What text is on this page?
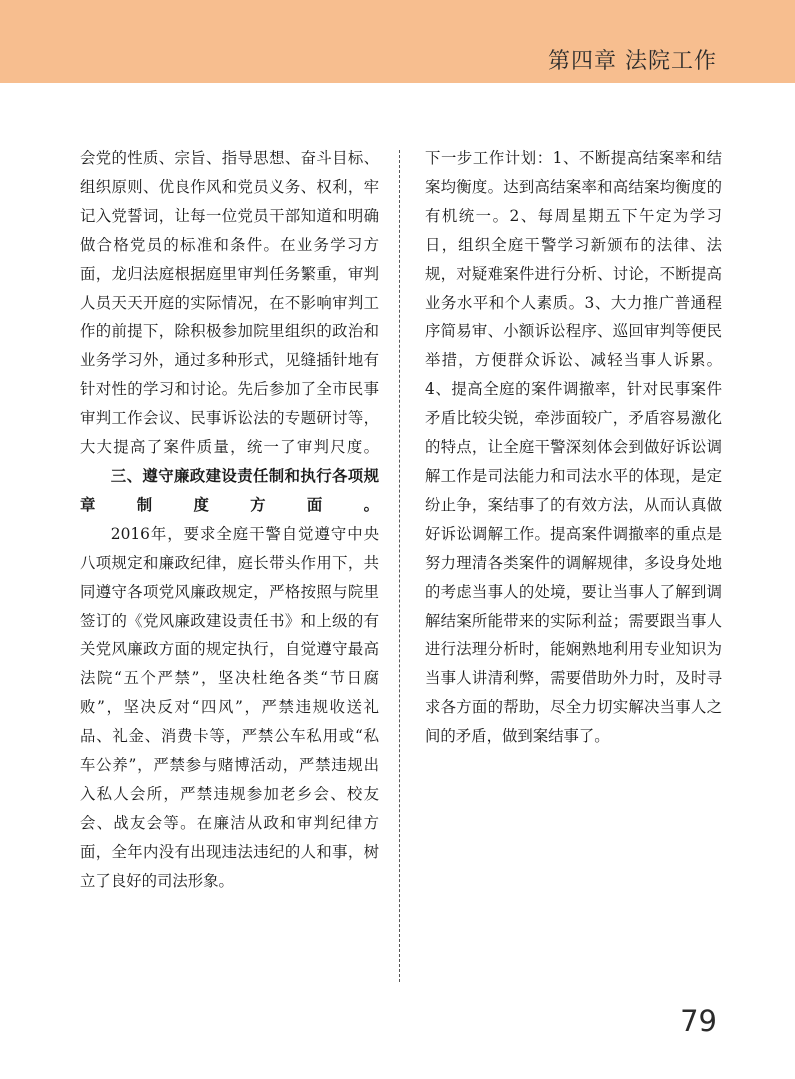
第四章 法院工作

会党的性质、宗旨、指导思想、奋斗目标、组织原则、优良作风和党员义务、权利，牢记入党誓词，让每一位党员干部知道和明确做合格党员的标准和条件。在业务学习方面，龙归法庭根据庭里审判任务繁重，审判人员天天开庭的实际情况，在不影响审判工作的前提下，除积极参加院里组织的政治和业务学习外，通过多种形式，见缝插针地有针对性的学习和讨论。先后参加了全市民事审判工作会议、民事诉讼法的专题研讨等，大大提高了案件质量，统一了审判尺度。

三、遵守廉政建设责任制和执行各项规章制度方面。

2016年，要求全庭干警自觉遵守中央八项规定和廉政纪律，庭长带头作用下，共同遵守各项党风廉政规定，严格按照与院里签订的《党风廉政建设责任书》和上级的有关党风廉政方面的规定执行，自觉遵守最高法院“五个严禁”，坚决杜绝各类“节日腐败”，坚决反对“四风”，严禁违规收送礼品、礼金、消费卡等，严禁公车私用或“私车公养”，严禁参与赌博活动，严禁违规出入私人会所，严禁违规参加老乡会、校友会、战友会等。在廉洁从政和审判纪律方面，全年内没有出现违法违纪的人和事，树立了良好的司法形象。

下一步工作计划：1、不断提高结案率和结案均衡度。达到高结案率和高结案均衡度的有机统一。2、每周星期五下午定为学习日，组织全庭干警学习新颁布的法律、法规，对疑难案件进行分析、讨论，不断提高业务水平和个人素质。3、大力推广普通程序简易审、小额诉讼程序、巡回审判等便民举措，方便群众诉讼、减轻当事人诉累。4、提高全庭的案件调撤率，针对民事案件矛盾比较尖锐，牵涉面较广，矛盾容易激化的特点，让全庭干警深刻体会到做好诉讼调解工作是司法能力和司法水平的体现，是定纷止争，案结事了的有效方法，从而认真做好诉讼调解工作。提高案件调撤率的重点是努力理清各类案件的调解规律，多设身处地的考虑当事人的处境，要让当事人了解到调解结案所能带来的实际利益；需要跟当事人进行法理分析时，能娴熟地利用专业知识为当事人讲清利弊，需要借助外力时，及时寻求各方面的帮助，尽全力切实解决当事人之间的矛盾，做到案结事了。

79
